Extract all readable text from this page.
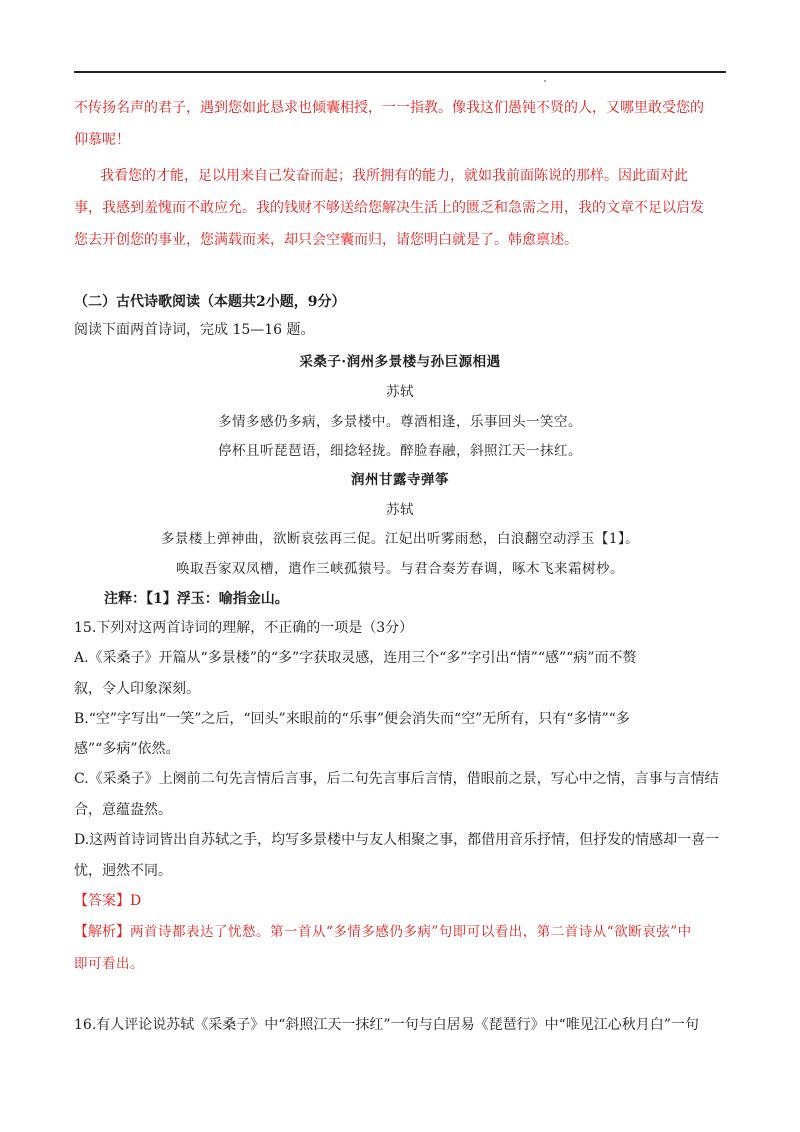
不传扬名声的君子，遇到您如此恳求也倾囊相授，一一指教。像我这们愚钝不贤的人，又哪里敢受您的
仰慕呢！
我看您的才能，足以用来自己发奋而起；我所拥有的能力，就如我前面陈说的那样。因此面对此
事，我感到羞愧而不敢应允。我的钱财不够送给您解决生活上的匮乏和急需之用，我的文章不足以启发
您去开创您的事业，您满载而来，却只会空囊而归，请您明白就是了。韩愈禀述。
（二）古代诗歌阅读（本题共2小题，9分）
阅读下面两首诗词，完成 15—16 题。
采桑子·润州多景楼与孙巨源相遇
苏轼
多情多感仍多病，多景楼中。尊酒相逢，乐事回头一笑空。
停杯且听琵琶语，细捻轻拢。醉脸春融，斜照江天一抹红。
润州甘露寺弹筝
苏轼
多景楼上弹神曲，欲断哀弦再三促。江妃出听雾雨愁，白浪翻空动浮玉【1】。
唤取吾家双凤槽，遣作三峡孤猿号。与君合奏芳春调，啄木飞来霜树杪。
注释：【1】浮玉：喻指金山。
15.下列对这两首诗词的理解，不正确的一项是（3分）
A.《采桑子》开篇从“多景楼”的“多”字获取灵感，连用三个“多”字引出“情”“感”“病”而不赘
叙，令人印象深刻。
B.“空”字写出“一笑”之后，“回头”来眼前的“乐事”便会消失而“空”无所有，只有“多情”“多
感”“多病”依然。
C.《采桑子》上阕前二句先言情后言事，后二句先言事后言情，借眼前之景，写心中之情，言事与言情结
合，意蕴盎然。
D.这两首诗词皆出自苏轼之手，均写多景楼中与友人相聚之事，都借用音乐抒情，但抒发的情感却一喜一
忧，迥然不同。
【答案】D
【解析】两首诗都表达了忧愁。第一首从“多情多感仍多病”句即可以看出，第二首诗从“欲断哀弦”中
即可看出。
16.有人评论说苏轼《采桑子》中“斜照江天一抹红”一句与白居易《琵琶行》中“唯见江心秋月白”一句
